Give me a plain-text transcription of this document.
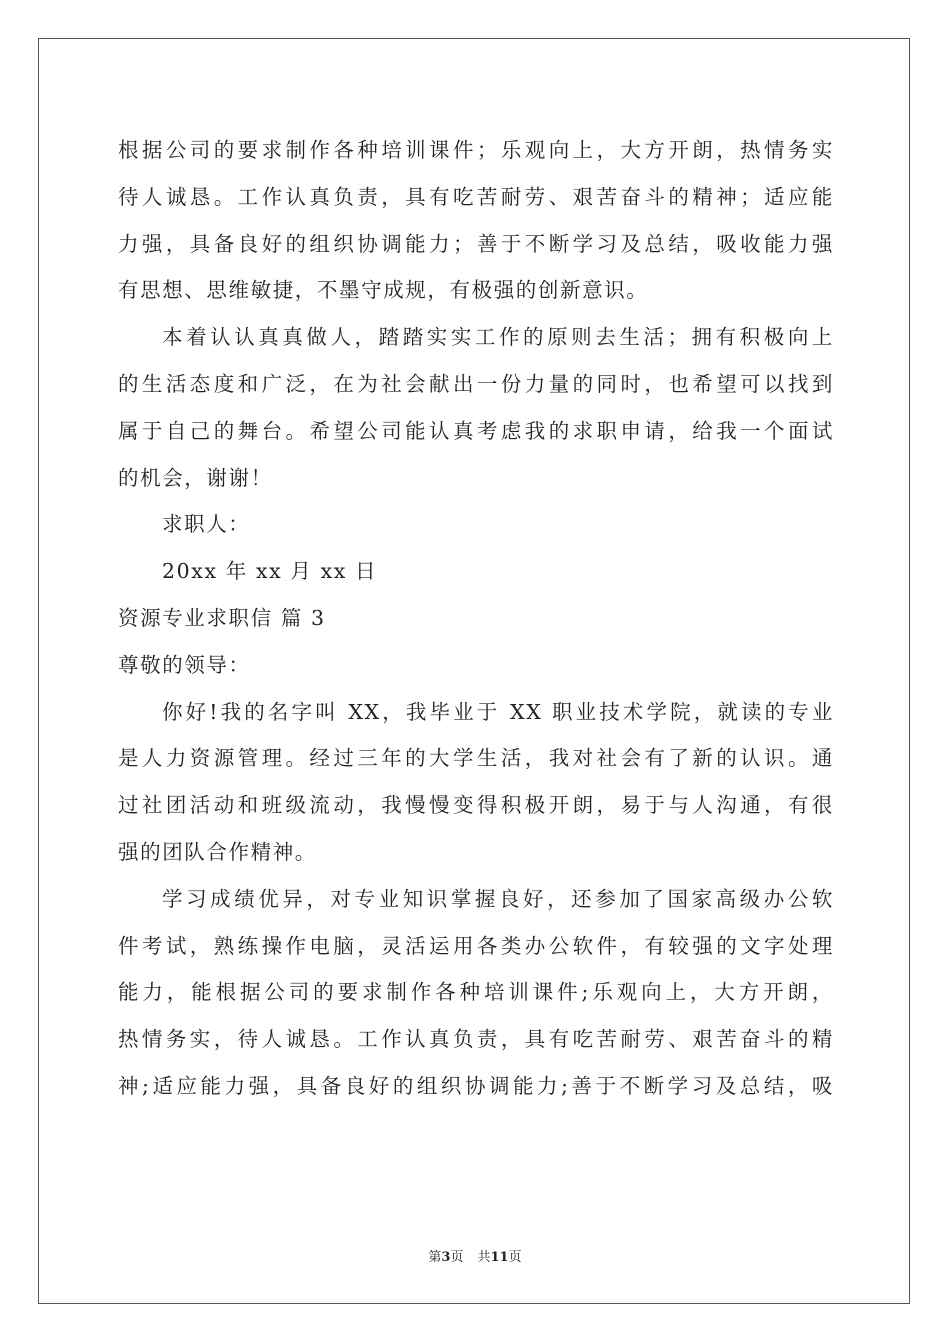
根据公司的要求制作各种培训课件；乐观向上，大方开朗，热情务实
待人诚恳。工作认真负责，具有吃苦耐劳、艰苦奋斗的精神；适应能
力强，具备良好的组织协调能力；善于不断学习及总结，吸收能力强
有思想、思维敏捷，不墨守成规，有极强的创新意识。
本着认认真真做人，踏踏实实工作的原则去生活；拥有积极向上
的生活态度和广泛，在为社会献出一份力量的同时，也希望可以找到
属于自己的舞台。希望公司能认真考虑我的求职申请，给我一个面试
的机会，谢谢！
求职人：
20xx 年 xx 月 xx 日
资源专业求职信 篇 3
尊敬的领导：
你好!我的名字叫 XX，我毕业于 XX 职业技术学院，就读的专业
是人力资源管理。经过三年的大学生活，我对社会有了新的认识。通
过社团活动和班级流动，我慢慢变得积极开朗，易于与人沟通，有很
强的团队合作精神。
学习成绩优异，对专业知识掌握良好，还参加了国家高级办公软
件考试，熟练操作电脑，灵活运用各类办公软件，有较强的文字处理
能力，能根据公司的要求制作各种培训课件;乐观向上，大方开朗，
热情务实，待人诚恳。工作认真负责，具有吃苦耐劳、艰苦奋斗的精
神;适应能力强，具备良好的组织协调能力;善于不断学习及总结，吸
第3页 共11页
